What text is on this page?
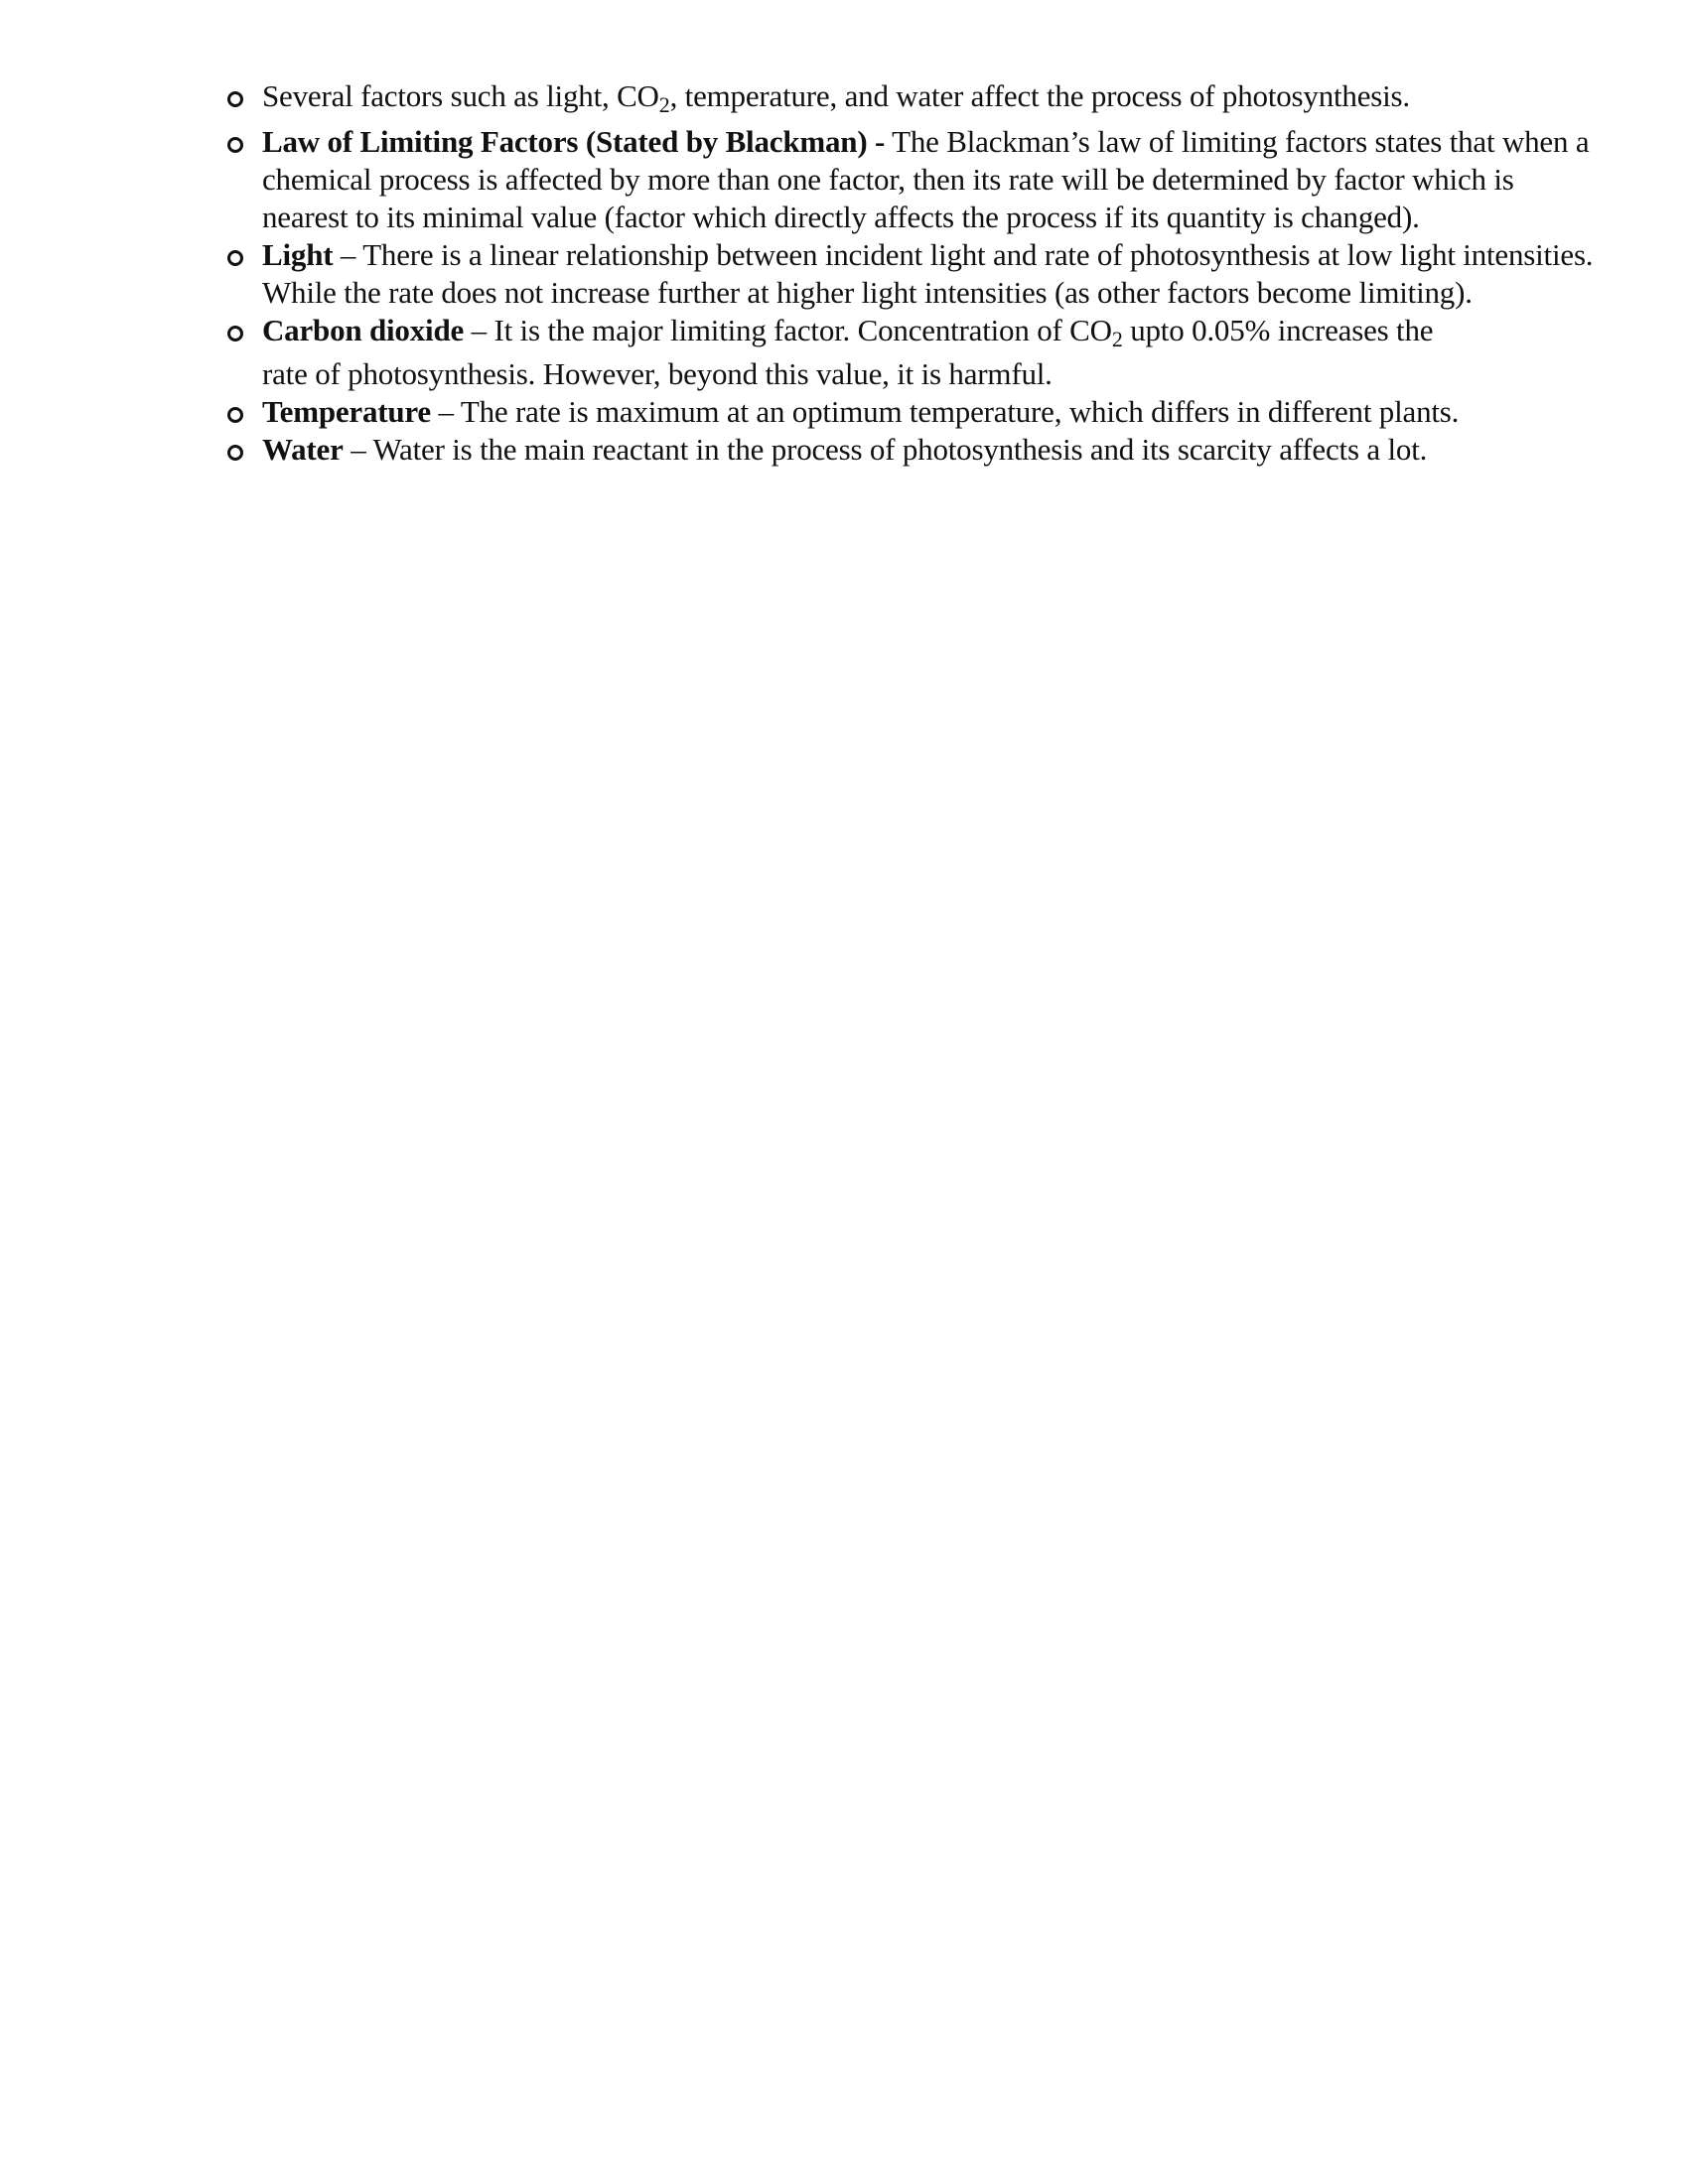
Several factors such as light, $CO_2$, temperature, and water affect the process of photosynthesis.
Law of Limiting Factors (Stated by Blackman) - The Blackman’s law of limiting factors states that when a chemical process is affected by more than one factor, then its rate will be determined by factor which is nearest to its minimal value (factor which directly affects the process if its quantity is changed).
Light – There is a linear relationship between incident light and rate of photosynthesis at low light intensities. While the rate does not increase further at higher light intensities (as other factors become limiting).
Carbon dioxide – It is the major limiting factor. Concentration of $CO_2$ upto 0.05% increases the
rate of photosynthesis. However, beyond this value, it is harmful.
Temperature – The rate is maximum at an optimum temperature, which differs in different plants.
Water – Water is the main reactant in the process of photosynthesis and its scarcity affects a lot.
